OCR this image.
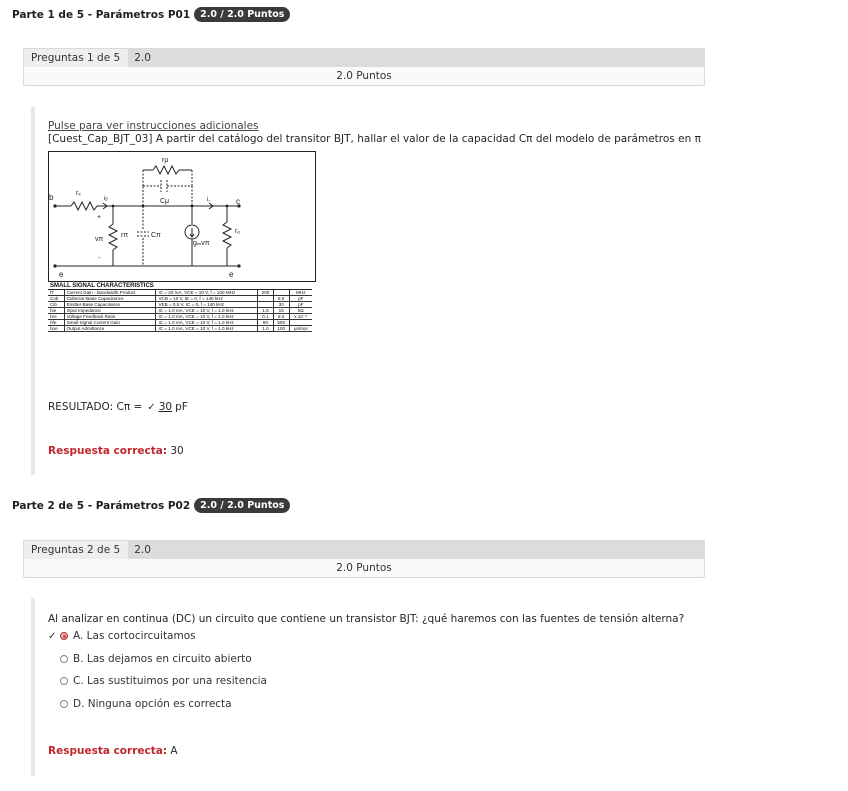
Parte 1 de 5 - Parámetros P01	2.0 / 2.0 Puntos
Preguntas 1 de 5	2.0
2.0 Puntos
Pulse para ver instrucciones adicionales
[Cuest_Cap_BJT_03] A partir del catálogo del transitor BJT, hallar el valor de la capacidad Cπ del modelo de parámetros en π
b	c
e	e
rₓ
iᵦ	i꜀
rμ
Cμ
+
-
vπ
rπ	Cπ
gₘvπ
rₒ
SMALL SIGNAL CHARACTERISTICS					
fT	Current Gain - Bandwidth Product	IC = 20 mA, VCE = 10 V, f = 100 MHz	200		MHz
Cob	Collector-Base Capacitance	VCB = 10 V, IE = 0, f = 140 kHz		8.5	pF
Cib	Emitter-Base Capacitance	VEB = 0.5 V, IC = 0, f = 140 kHz		30	pF
hie	Input Impedance	IC = 1.0 mA, VCE = 10 V, f = 1.0 kHz	1.5	15	kΩ
hre	Voltage Feedback Ratio	IC = 1.0 mA, VCE = 10 V, f = 1.0 kHz	0.1	8.0	x 10⁻⁴
hfe	Small-Signal Current Gain	IC = 1.0 mA, VCE = 10 V, f = 1.0 kHz	60	500	
hoe	Output Admittance	IC = 1.0 mA, VCE = 10 V, f = 1.0 kHz	1.0	100	μmhos
RESULTADO: Cπ = ✓ 30 pF
Respuesta correcta: 30
Parte 2 de 5 - Parámetros P02	2.0 / 2.0 Puntos
Preguntas 2 de 5	2.0
2.0 Puntos
Al analizar en continua (DC) un circuito que contiene un transistor BJT: ¿qué haremos con las fuentes de tensión alterna?
✓ A. Las cortocircuitamos
B. Las dejamos en circuito abierto
C. Las sustituimos por una resitencia
D. Ninguna opción es correcta
Respuesta correcta: A
